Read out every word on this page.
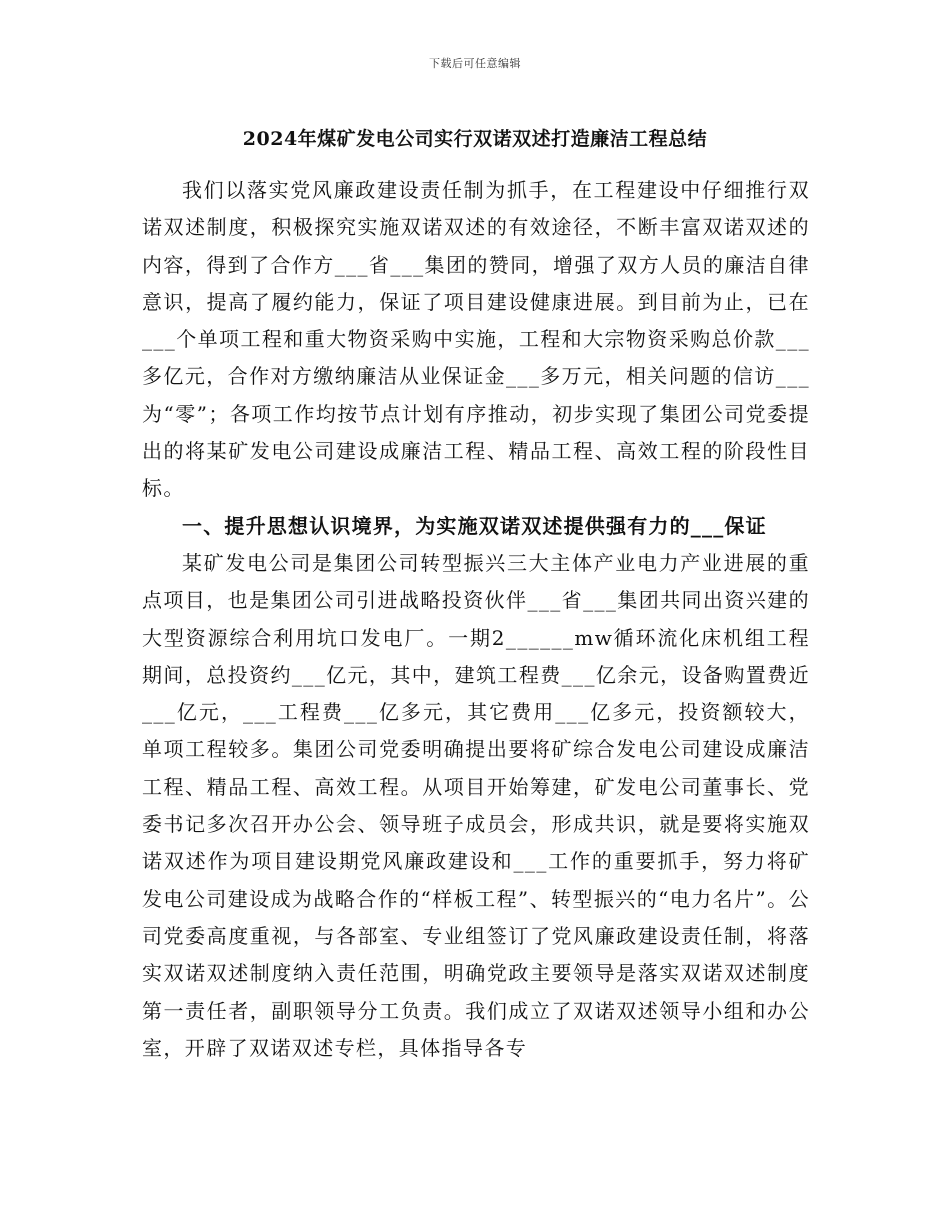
下载后可任意编辑
2024年煤矿发电公司实行双诺双述打造廉洁工程总结

我们以落实党风廉政建设责任制为抓手，在工程建设中仔细推行双诺双述制度，积极探究实施双诺双述的有效途径，不断丰富双诺双述的内容，得到了合作方___省___集团的赞同，增强了双方人员的廉洁自律意识，提高了履约能力，保证了项目建设健康进展。到目前为止，已在___个单项工程和重大物资采购中实施，工程和大宗物资采购总价款___多亿元，合作对方缴纳廉洁从业保证金___多万元，相关问题的信访___为“零”；各项工作均按节点计划有序推动，初步实现了集团公司党委提出的将某矿发电公司建设成廉洁工程、精品工程、高效工程的阶段性目标。

一、提升思想认识境界，为实施双诺双述提供强有力的___保证

某矿发电公司是集团公司转型振兴三大主体产业电力产业进展的重点项目，也是集团公司引进战略投资伙伴___省___集团共同出资兴建的大型资源综合利用坑口发电厂。一期2______mw循环流化床机组工程期间，总投资约___亿元，其中，建筑工程费___亿余元，设备购置费近___亿元，___工程费___亿多元，其它费用___亿多元，投资额较大，单项工程较多。集团公司党委明确提出要将矿综合发电公司建设成廉洁工程、精品工程、高效工程。从项目开始筹建，矿发电公司董事长、党委书记多次召开办公会、领导班子成员会，形成共识，就是要将实施双诺双述作为项目建设期党风廉政建设和___工作的重要抓手，努力将矿发电公司建设成为战略合作的“样板工程”、转型振兴的“电力名片”。公司党委高度重视，与各部室、专业组签订了党风廉政建设责任制，将落实双诺双述制度纳入责任范围，明确党政主要领导是落实双诺双述制度第一责任者，副职领导分工负责。我们成立了双诺双述领导小组和办公室，开辟了双诺双述专栏，具体指导各专
